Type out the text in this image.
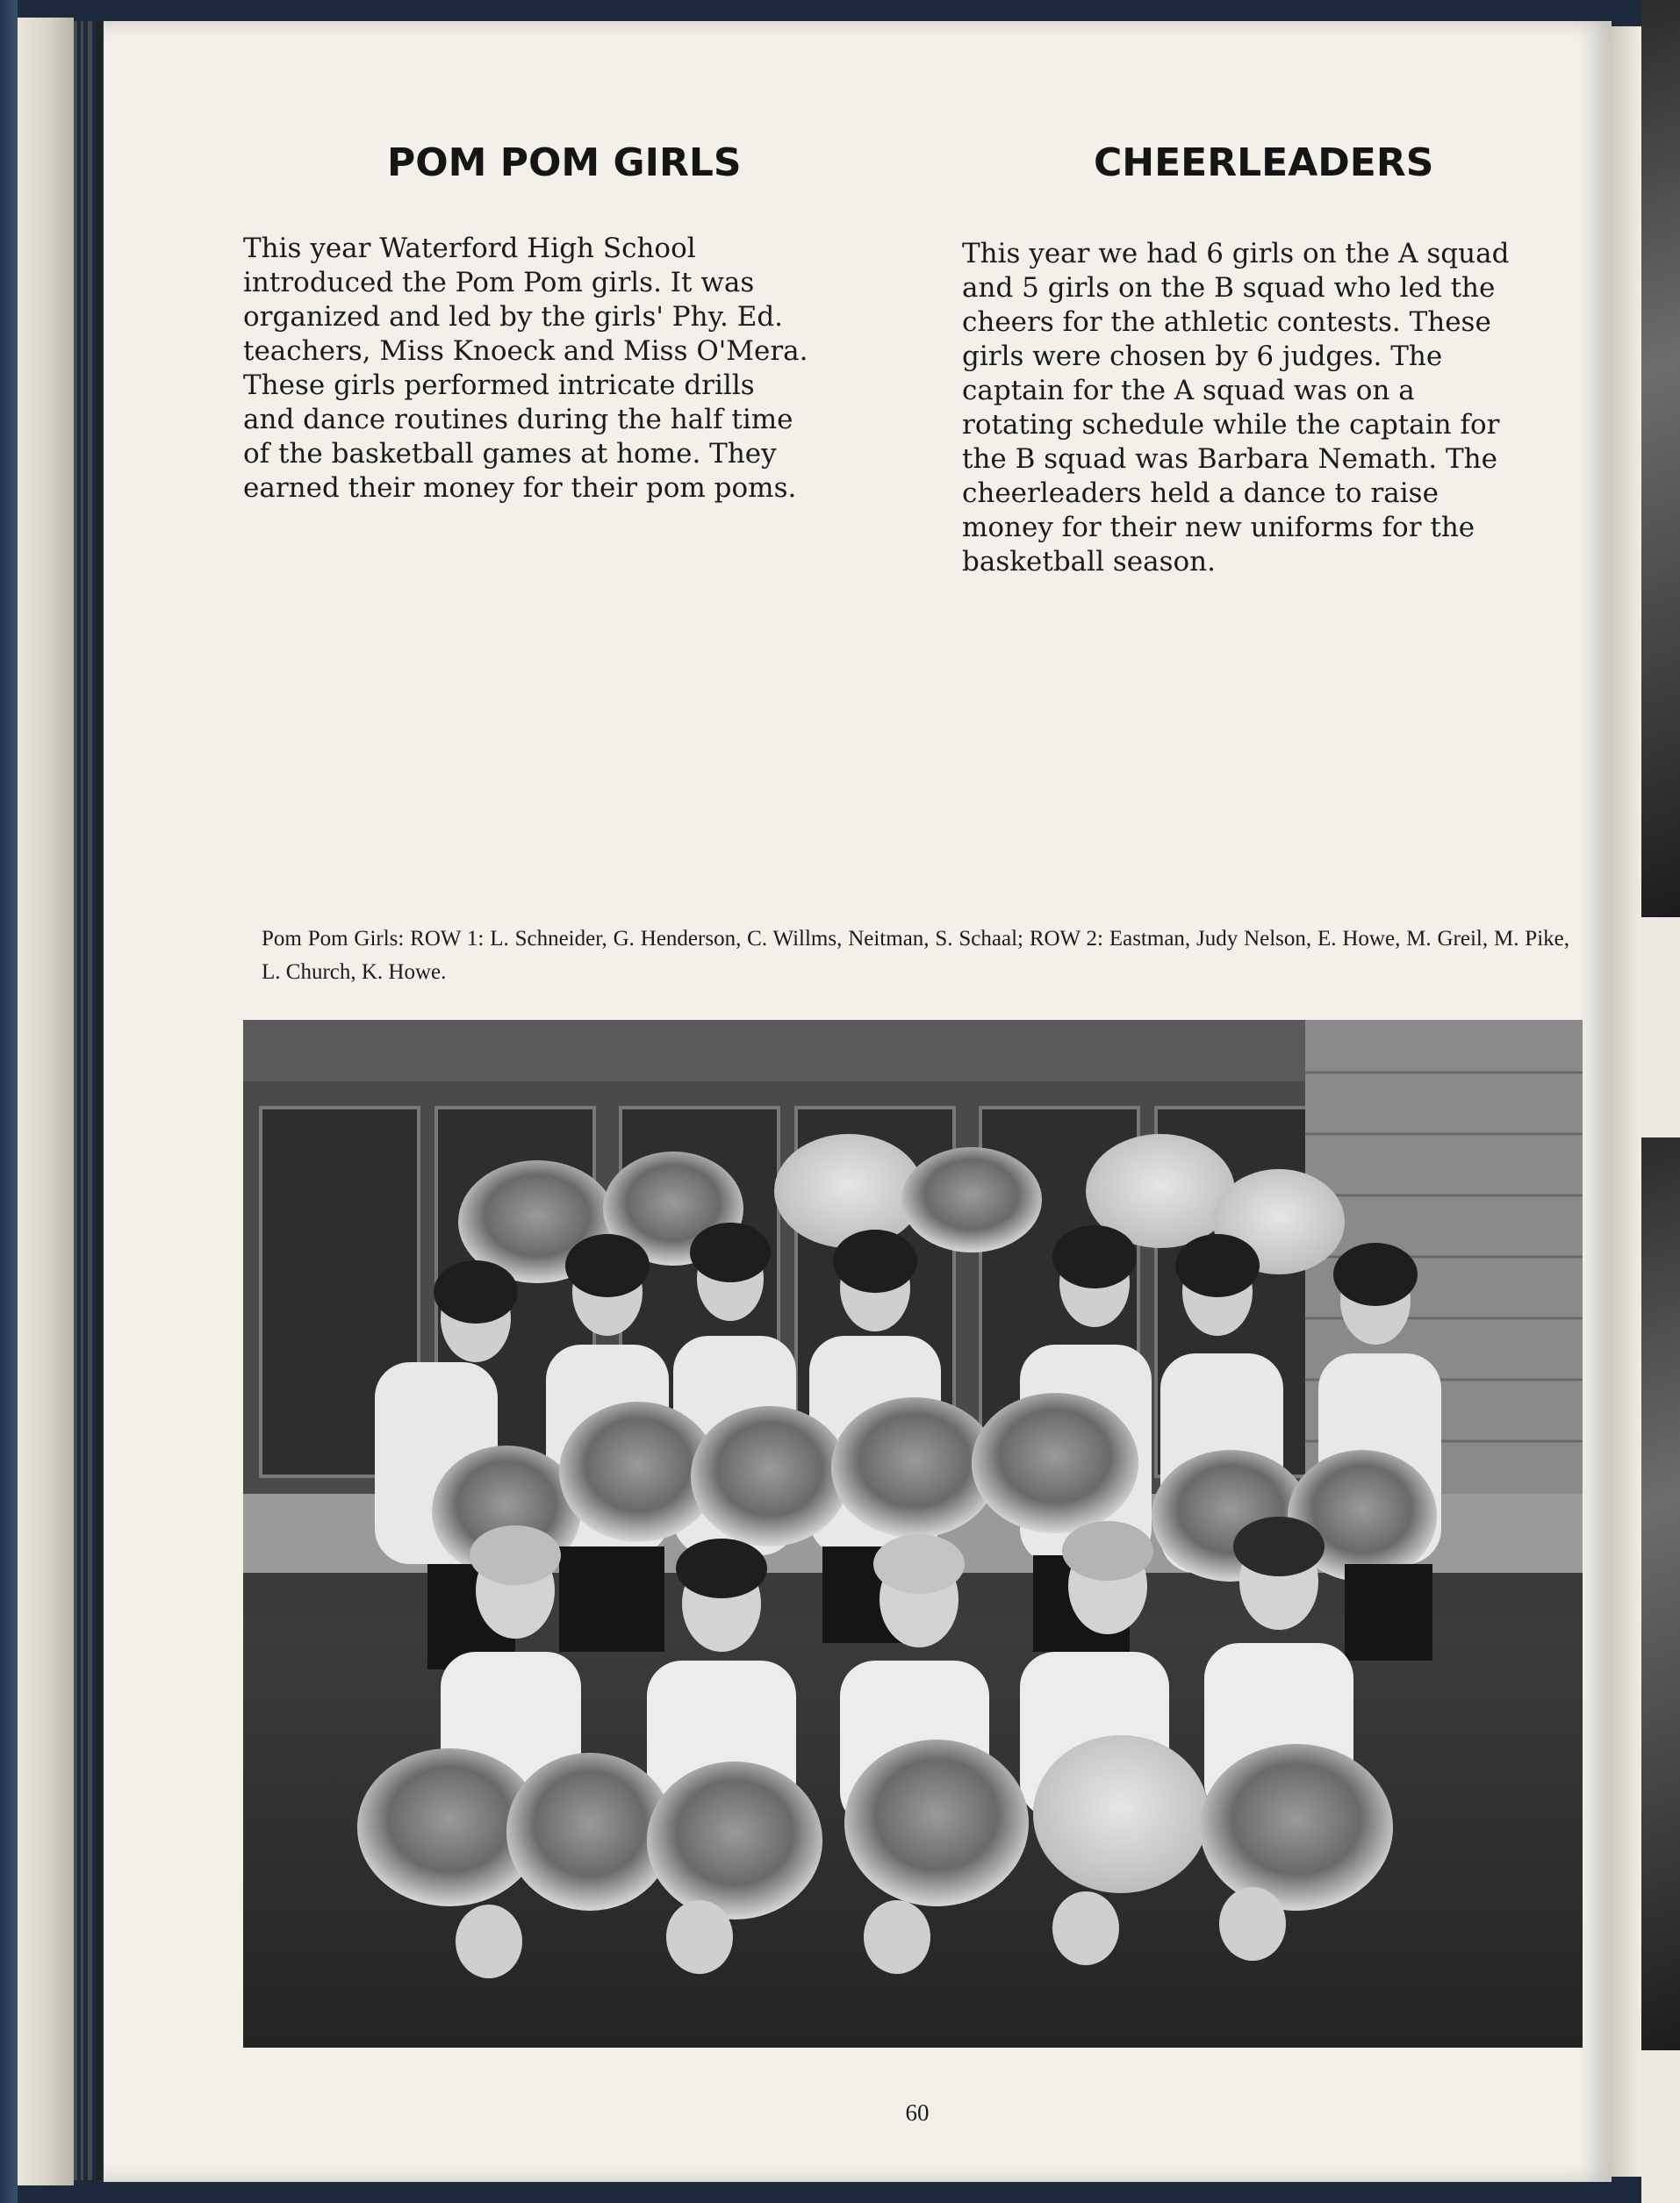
POM POM GIRLS	CHEERLEADERS

This year Waterford High School
introduced the Pom Pom girls. It was
organized and led by the girls' Phy. Ed.
teachers, Miss Knoeck and Miss O'Mera.
These girls performed intricate drills
and dance routines during the half time
of the basketball games at home. They
earned their money for their pom poms.

This year we had 6 girls on the A squad
and 5 girls on the B squad who led the
cheers for the athletic contests. These
girls were chosen by 6 judges. The
captain for the A squad was on a
rotating schedule while the captain for
the B squad was Barbara Nemath. The
cheerleaders held a dance to raise
money for their new uniforms for the
basketball season.

Pom Pom Girls: ROW 1: L. Schneider, G. Henderson, C. Willms, Neitman, S. Schaal; ROW 2: Eastman, Judy Nelson, E. Howe, M. Greil, M. Pike, L. Church, K. Howe.

60
